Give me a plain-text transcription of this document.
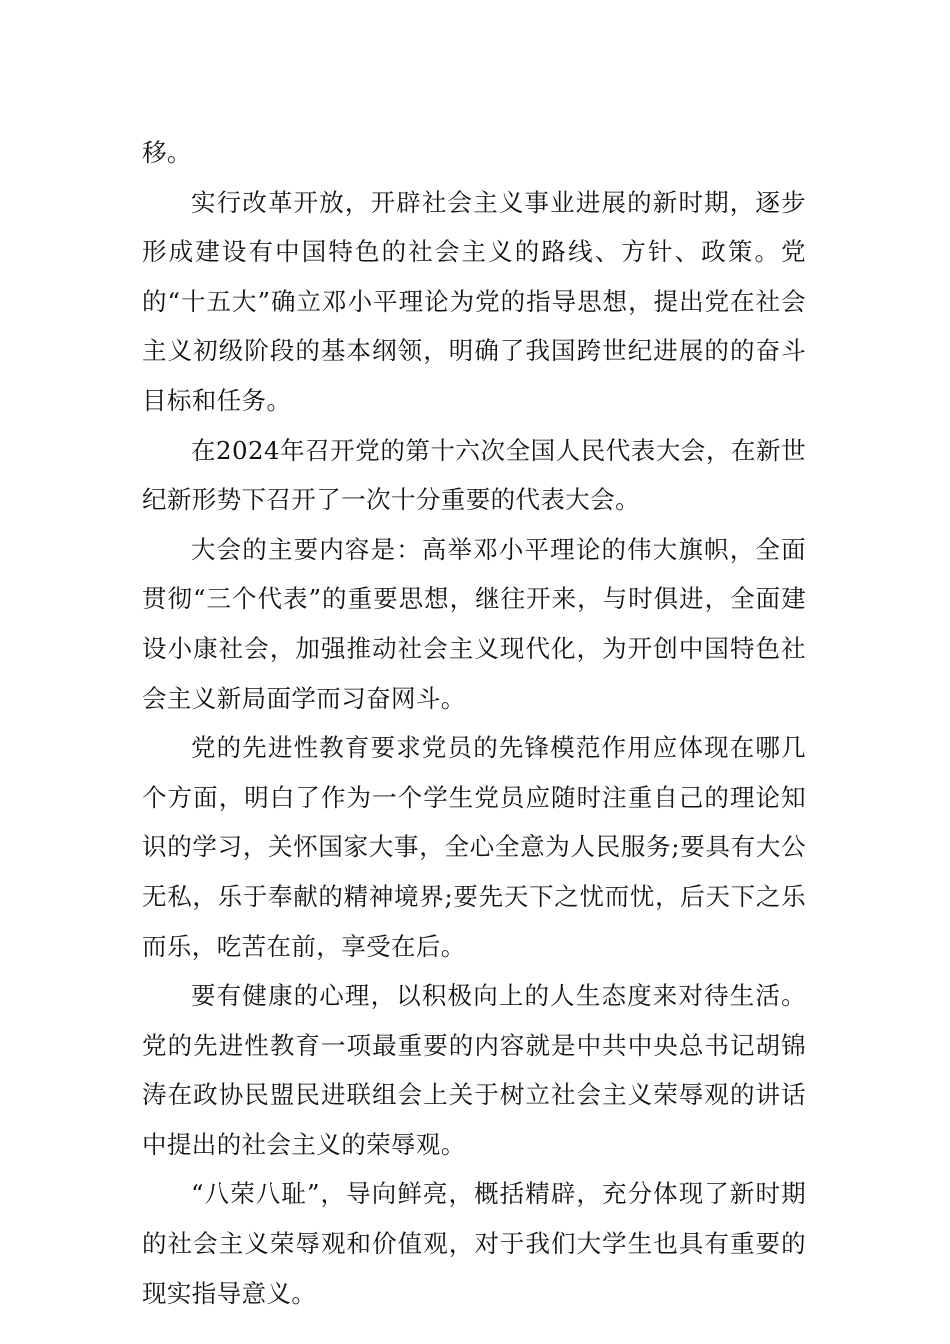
移。

实行改革开放，开辟社会主义事业进展的新时期，逐步形成建设有中国特色的社会主义的路线、方针、政策。党的“十五大”确立邓小平理论为党的指导思想，提出党在社会主义初级阶段的基本纲领，明确了我国跨世纪进展的的奋斗目标和任务。

在2024年召开党的第十六次全国人民代表大会，在新世纪新形势下召开了一次十分重要的代表大会。

大会的主要内容是：高举邓小平理论的伟大旗帜，全面贯彻“三个代表”的重要思想，继往开来，与时俱进，全面建设小康社会，加强推动社会主义现代化，为开创中国特色社会主义新局面学而习奋网斗。

党的先进性教育要求党员的先锋模范作用应体现在哪几个方面，明白了作为一个学生党员应随时注重自己的理论知识的学习，关怀国家大事，全心全意为人民服务;要具有大公无私，乐于奉献的精神境界;要先天下之忧而忧，后天下之乐而乐，吃苦在前，享受在后。

要有健康的心理，以积极向上的人生态度来对待生活。党的先进性教育一项最重要的内容就是中共中央总书记胡锦涛在政协民盟民进联组会上关于树立社会主义荣辱观的讲话中提出的社会主义的荣辱观。

“八荣八耻”，导向鲜亮，概括精辟，充分体现了新时期的社会主义荣辱观和价值观，对于我们大学生也具有重要的现实指导意义。
